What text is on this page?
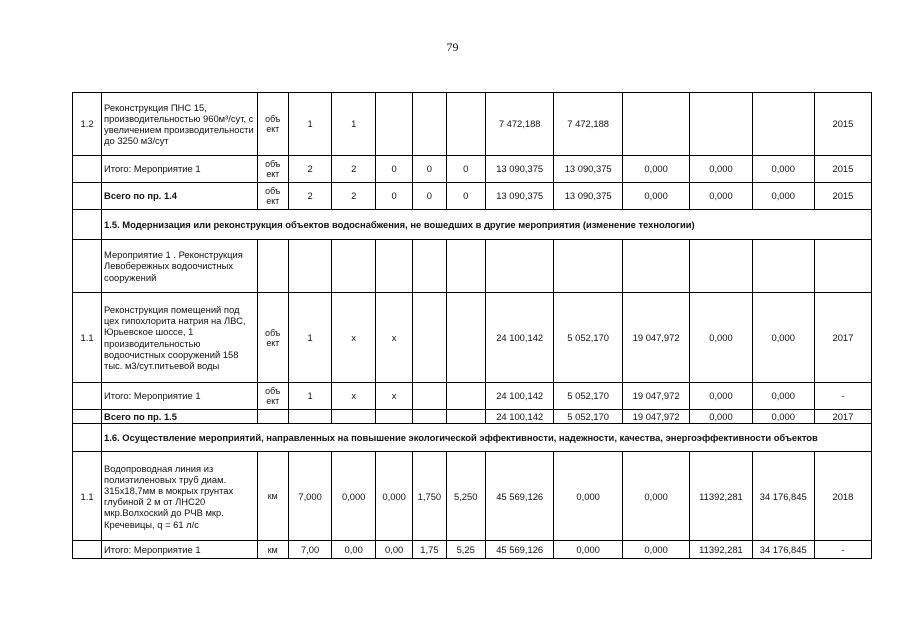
79
1.2	Реконструкция ПНС 15, производительностью 960м³/сут, с увеличением производительности до 3250 м3/сут	объ ект	1	1				7 472,188	7 472,188				2015
	Итого: Мероприятие 1	объ ект	2	2	0	0	0	13 090,375	13 090,375	0,000	0,000	0,000	2015
	Всего по пр. 1.4	объ ект	2	2	0	0	0	13 090,375	13 090,375	0,000	0,000	0,000	2015
	1.5. Модернизация или реконструкция объектов водоснабжения, не вошедших в другие мероприятия (изменение технологии)												
	Мероприятие 1 . Реконструкция Левобережных водоочистных сооружений												
1.1	Реконструкция помещений под цех гипохлорита натрия на ЛВС, Юрьевское шоссе, 1 производительностью водоочистных сооружений 158 тыс. м3/сут.питьевой воды	объ ект	1	х	х			24 100,142	5 052,170	19 047,972	0,000	0,000	2017
	Итого: Мероприятие 1	объ ект	1	х	х			24 100,142	5 052,170	19 047,972	0,000	0,000	-
	Всего по пр. 1.5							24 100,142	5 052,170	19 047,972	0,000	0,000	2017
	1.6. Осуществление мероприятий, направленных на повышение экологической эффективности, надежности, качества, энергоэффективности объектов												
1.1	Водопроводная линия из полиэтиленовых труб диам. 315х18,7мм в мокрых грунтах глубиной 2 м от ЛНС20 мкр.Волхоский до РЧВ мкр. Кречевицы, q = 61 л/с	км	7,000	0,000	0,000	1,750	5,250	45 569,126	0,000	0,000	11392,281	34 176,845	2018
	Итого: Мероприятие 1	км	7,00	0,00	0,00	1,75	5,25	45 569,126	0,000	0,000	11392,281	34 176,845	-
